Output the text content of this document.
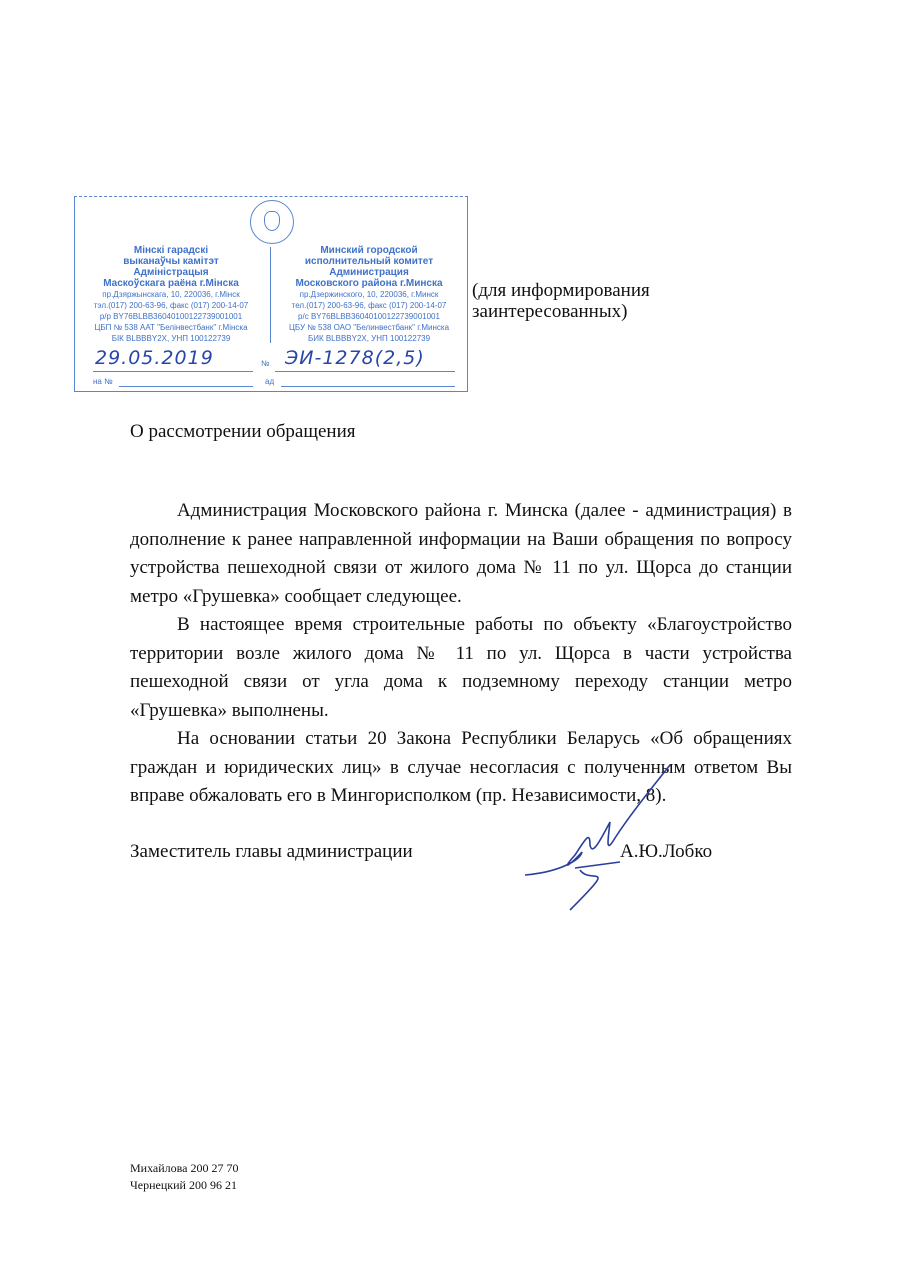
Мінскі гарадскі
выканаўчы камітэт
Адміністрацыя
Маскоўскага раёна г.Мінска
пр.Дзяржынскага, 10, 220036, г.Мінск
тэл.(017) 200-63-96, факс (017) 200-14-07
р/р BY76BLBB36040100122739001001
ЦБП № 538 ААТ "Белінвестбанк" г.Мінска
БІК BLBBBY2X, УНП 100122739
Минский городской
исполнительный комитет
Администрация
Московского района г.Минска
пр.Дзержинского, 10, 220036, г.Минск
тел.(017) 200-63-96, факс (017) 200-14-07
р/с BY76BLBB36040100122739001001
ЦБУ № 538 ОАО "Белинвестбанк" г.Минска
БИК BLBBBY2X, УНП 100122739
29.05.2019	№ ЭИ-1278(2,5)
на №	ад
(для информирования
заинтересованных)
О рассмотрении обращения

Администрация Московского района г. Минска (далее - администрация) в дополнение к ранее направленной информации на Ваши обращения по вопросу устройства пешеходной связи от жилого дома № 11 по ул. Щорса до станции метро «Грушевка» сообщает следующее.

В настоящее время строительные работы по объекту «Благоустройство территории возле жилого дома № 11 по ул. Щорса в части устройства пешеходной связи от угла дома к подземному переходу станции метро «Грушевка» выполнены.

На основании статьи 20 Закона Республики Беларусь «Об обращениях граждан и юридических лиц» в случае несогласия с полученным ответом Вы вправе обжаловать его в Мингорисполком (пр. Независимости, 8).

Заместитель главы администрации	А.Ю.Лобко
Михайлова 200 27 70
Чернецкий 200 96 21
